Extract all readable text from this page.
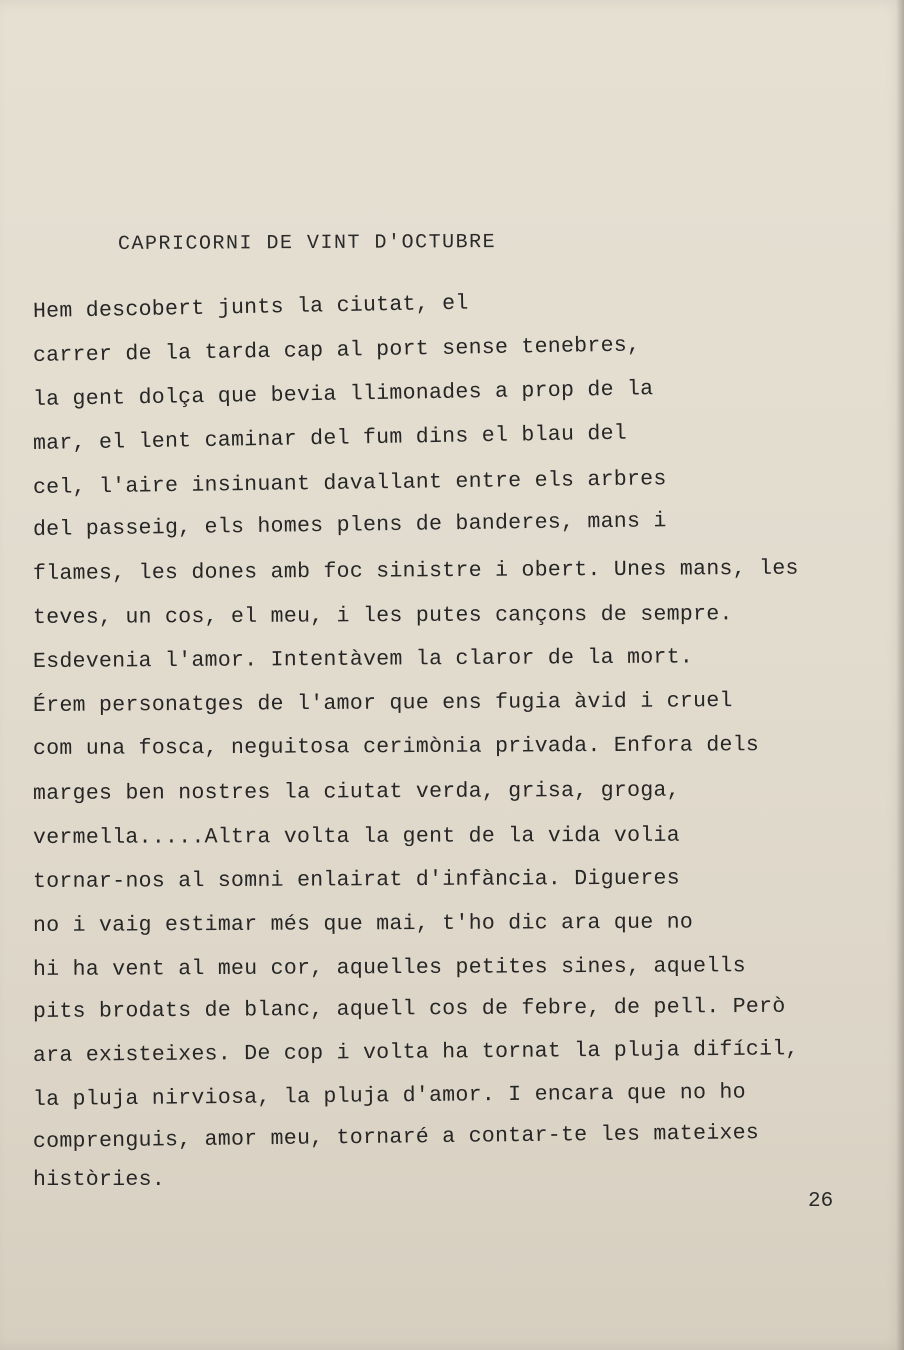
CAPRICORNI DE VINT D'OCTUBRE
Hem descobert junts la ciutat, el
carrer de la tarda cap al port sense tenebres,
la gent dolça que bevia llimonades a prop de la
mar, el lent caminar del fum dins el blau del
cel, l'aire insinuant davallant entre els arbres
del passeig, els homes plens de banderes, mans i
flames, les dones amb foc sinistre i obert. Unes mans, les
teves, un cos, el meu, i les putes cançons de sempre.
Esdevenia l'amor. Intentàvem la claror de la mort.
Érem personatges de l'amor que ens fugia àvid i cruel
com una fosca, neguitosa cerimònia privada. Enfora dels
marges ben nostres la ciutat verda, grisa, groga,
vermella.....Altra volta la gent de la vida volia
tornar-nos al somni enlairat d'infància. Digueres
no i vaig estimar més que mai, t'ho dic ara que no
hi ha vent al meu cor, aquelles petites sines, aquells
pits brodats de blanc, aquell cos de febre, de pell. Però
ara existeixes. De cop i volta ha tornat la pluja difícil,
la pluja nirviosa, la pluja d'amor. I encara que no ho
comprenguis, amor meu, tornaré a contar-te les mateixes
històries.
26
